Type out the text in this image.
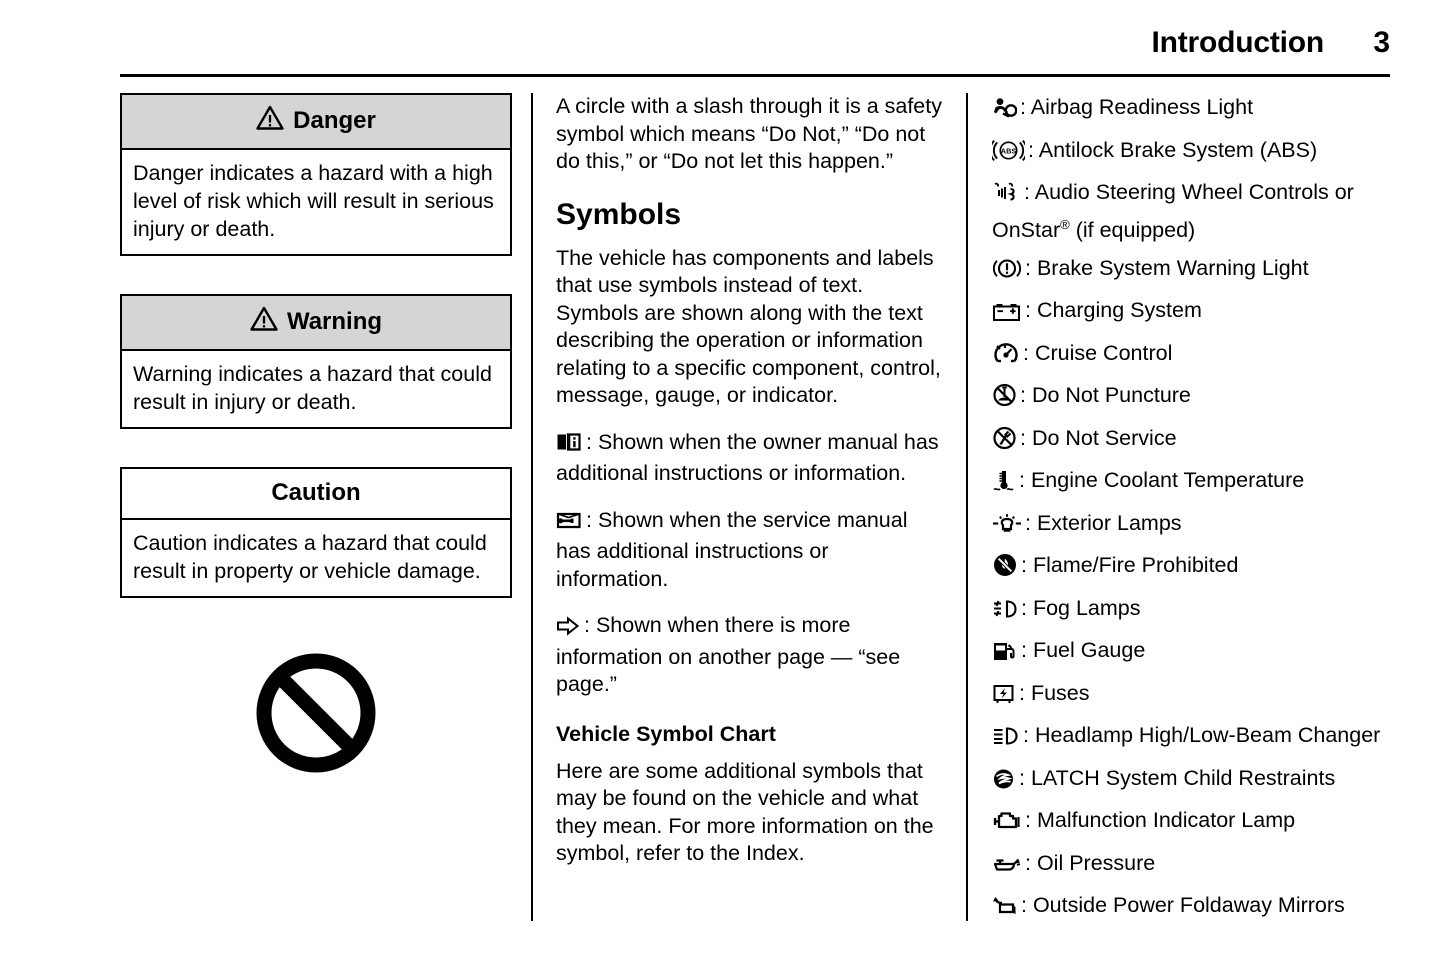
Introduction 3
Danger
Danger indicates a hazard with a high level of risk which will result in serious injury or death.
Warning
Warning indicates a hazard that could result in injury or death.
Caution
Caution indicates a hazard that could result in property or vehicle damage.

A circle with a slash through it is a safety symbol which means “Do Not,” “Do not do this,” or “Do not let this happen.”

Symbols

The vehicle has components and labels that use symbols instead of text. Symbols are shown along with the text describing the operation or information relating to a specific component, control, message, gauge, or indicator.

: Shown when the owner manual has additional instructions or information.

: Shown when the service manual has additional instructions or information.

: Shown when there is more information on another page — “see page.”

Vehicle Symbol Chart

Here are some additional symbols that may be found on the vehicle and what they mean. For more information on the symbol, refer to the Index.

: Airbag Readiness Light
ABS : Antilock Brake System (ABS)
: Audio Steering Wheel Controls or OnStar® (if equipped)
: Brake System Warning Light
: Charging System
: Cruise Control
: Do Not Puncture
: Do Not Service
: Engine Coolant Temperature
: Exterior Lamps
: Flame/Fire Prohibited
: Fog Lamps
: Fuel Gauge
: Fuses
: Headlamp High/Low-Beam Changer
: LATCH System Child Restraints
: Malfunction Indicator Lamp
: Oil Pressure
: Outside Power Foldaway Mirrors
